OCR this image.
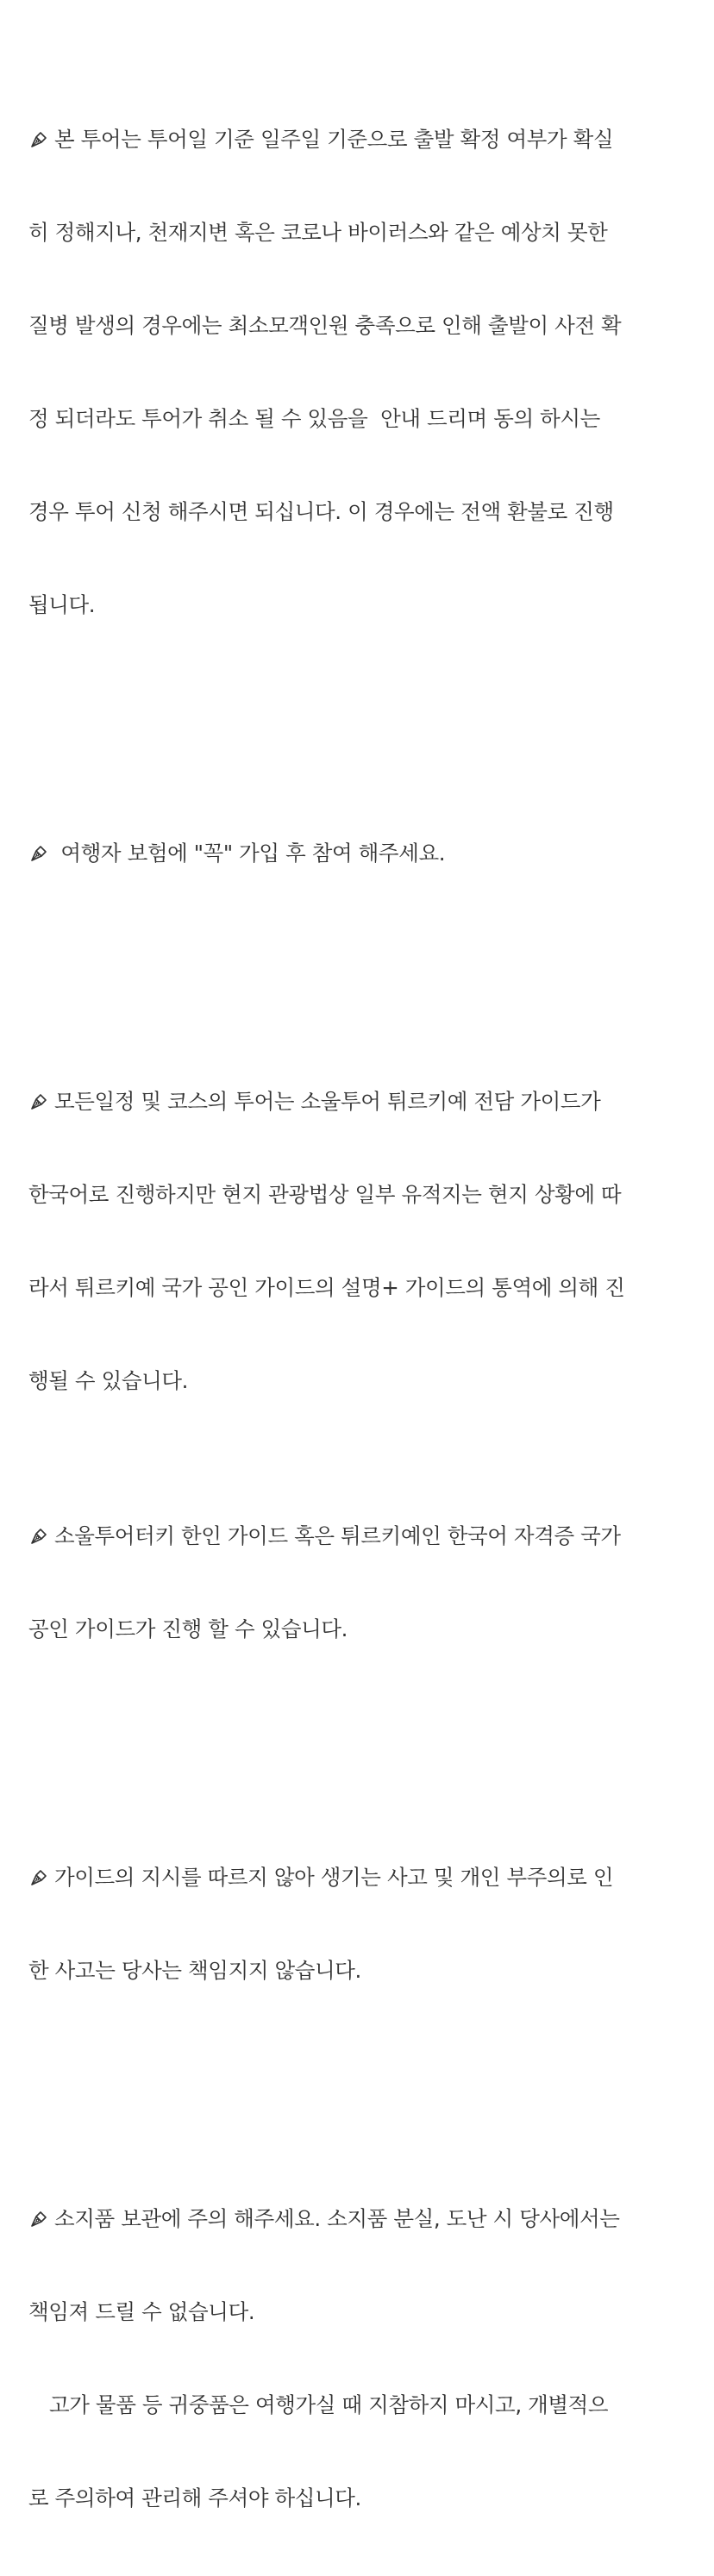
본 투어는 투어일 기준 일주일 기준으로 출발 확정 여부가 확실

히 정해지나, 천재지변 혹은 코로나 바이러스와 같은 예상치 못한

질병 발생의 경우에는 최소모객인원 충족으로 인해 출발이 사전 확

정 되더라도 투어가 취소 될 수 있음을  안내 드리며 동의 하시는

경우 투어 신청 해주시면 되십니다. 이 경우에는 전액 환불로 진행

됩니다.

여행자 보험에 "꼭" 가입 후 참여 해주세요.

모든일정 및 코스의 투어는 소울투어 튀르키예 전담 가이드가

한국어로 진행하지만 현지 관광법상 일부 유적지는 현지 상황에 따

라서 튀르키예 국가 공인 가이드의 설명+ 가이드의 통역에 의해 진

행될 수 있습니다.

소울투어터키 한인 가이드 혹은 튀르키예인 한국어 자격증 국가

공인 가이드가 진행 할 수 있습니다.

가이드의 지시를 따르지 않아 생기는 사고 및 개인 부주의로 인

한 사고는 당사는 책임지지 않습니다.

소지품 보관에 주의 해주세요. 소지품 분실, 도난 시 당사에서는

책임져 드릴 수 없습니다.

고가 물품 등 귀중품은 여행가실 때 지참하지 마시고, 개별적으

로 주의하여 관리해 주셔야 하십니다.
